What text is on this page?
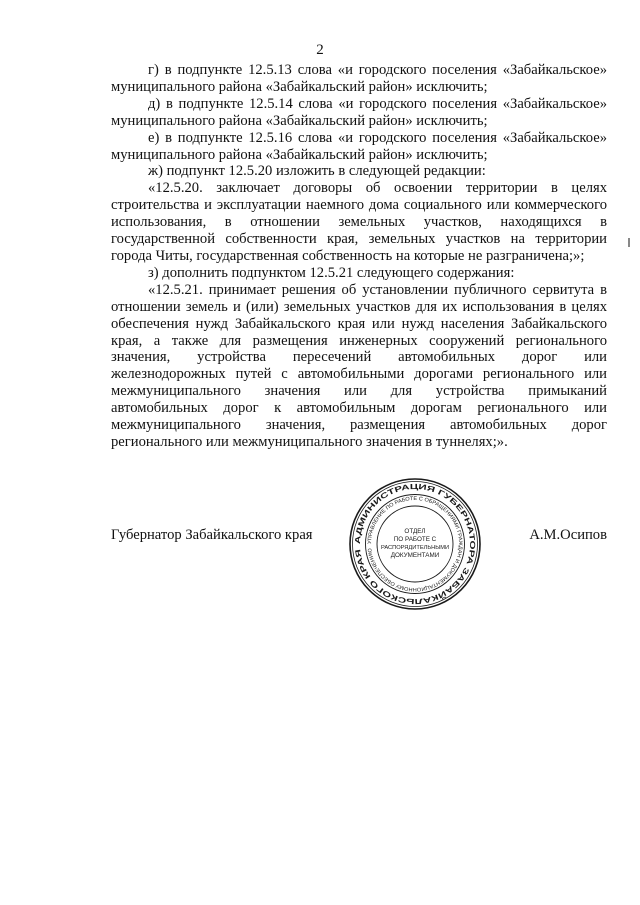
2

г) в подпункте 12.5.13 слова «и городского поселения «Забайкальское» муниципального района «Забайкальский район» исключить;

д) в подпункте 12.5.14 слова «и городского поселения «Забайкальское» муниципального района «Забайкальский район» исключить;

е) в подпункте 12.5.16 слова «и городского поселения «Забайкальское» муниципального района «Забайкальский район» исключить;

ж) подпункт 12.5.20 изложить в следующей редакции:

«12.5.20. заключает договоры об освоении территории в целях строительства и эксплуатации наемного дома социального или коммерческого использования, в отношении земельных участков, находящихся в государственной собственности края, земельных участков на территории города Читы, государственная собственность на которые не разграничена;»;

з) дополнить подпунктом 12.5.21 следующего содержания:

«12.5.21. принимает решения об установлении публичного сервитута в отношении земель и (или) земельных участков для их использования в целях обеспечения нужд Забайкальского края или нужд населения Забайкальского края, а также для размещения инженерных сооружений регионального значения, устройства пересечений автомобильных дорог или железнодорожных путей с автомобильными дорогами регионального или межмуниципального значения или для устройства примыканий автомобильных дорог к автомобильным дорогам регионального или межмуниципального значения, размещения автомобильных дорог регионального или межмуниципального значения в туннелях;».

Губернатор Забайкальского края	А.М.Осипов
АДМИНИСТРАЦИЯ ГУБЕРНАТОРА ЗАБАЙКАЛЬСКОГО КРАЯ
УПРАВЛЕНИЕ ПО РАБОТЕ С ОБРАЩЕНИЯМИ ГРАЖДАН И ДОКУМЕНТАЦИОННОМУ ОБЕСПЕЧЕНИЮ
ОТДЕЛ
ПО РАБОТЕ С
РАСПОРЯДИТЕЛЬНЫМИ
ДОКУМЕНТАМИ
